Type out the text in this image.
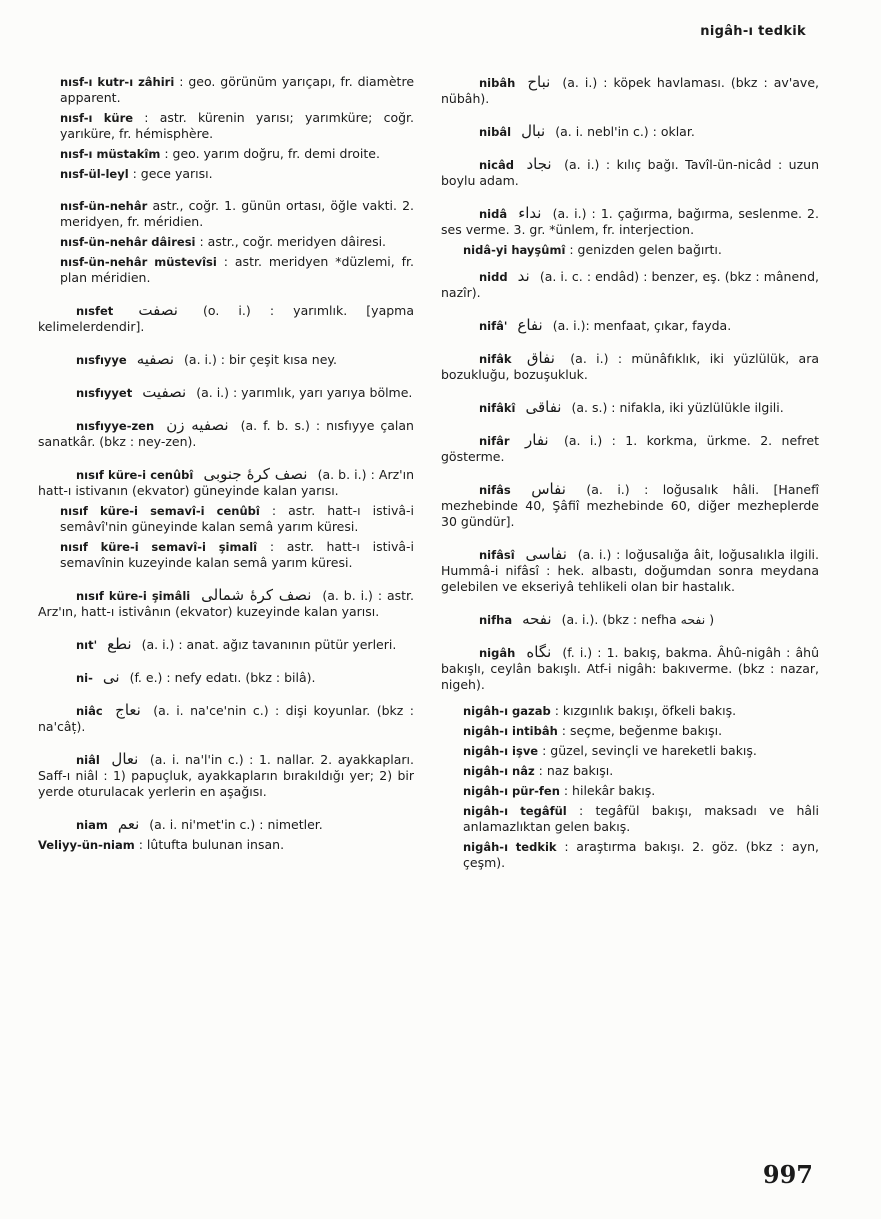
nigâh-ı tedkik

nısf-ı kutr-ı zâhiri : geo. görünüm yarıçapı, fr. diamètre apparent.

nısf-ı küre : astr. kürenin yarısı; yarımküre; coğr. yarıküre, fr. hémisphère.

nısf-ı müstakîm : geo. yarım doğru, fr. demi droite.

nısf-ül-leyl : gece yarısı.

nısf-ün-nehâr astr., coğr. 1. günün ortası, öğle vakti. 2. meridyen, fr. méridien.

nısf-ün-nehâr dâiresi : astr., coğr. meridyen dâiresi.

nısf-ün-nehâr müstevîsi : astr. meridyen *düzlemi, fr. plan méridien.

nısfet نصفت (o. i.) : yarımlık. [yapma kelimelerdendir].

nısfıyye نصفيه (a. i.) : bir çeşit kısa ney.

nısfıyyet نصفيت (a. i.) : yarımlık, yarı yarıya bölme.

nısfıyye-zen نصفيه زن (a. f. b. s.) : nısfıyye çalan sanatkâr. (bkz : ney-zen).

nısıf küre-i cenûbî نصف كرهٔ جنوبى (a. b. i.) : Arz'ın hatt-ı istivanın (ekvator) güneyinde kalan yarısı.

nısıf küre-i semavî-i cenûbî : astr. hatt-ı istivâ-i semâvî'nin güneyinde kalan semâ yarım küresi.

nısıf küre-i semavî-i şimalî : astr. hatt-ı istivâ-i semavînin kuzeyinde kalan semâ yarım küresi.

nısıf küre-i şimâli نصف كرهٔ شمالى (a. b. i.) : astr. Arz'ın, hatt-ı istivânın (ekvator) kuzeyinde kalan yarısı.

nıt' نطع (a. i.) : anat. ağız tavanının pütür yerleri.

ni- نى (f. e.) : nefy edatı. (bkz : bilâ).

niâc نعاج (a. i. na'ce'nin c.) : dişi koyunlar. (bkz : na'câț).

niâl نعال (a. i. na'l'in c.) : 1. nallar. 2. ayakkapları. Saff-ı niâl : 1) papuçluk, ayakkapların bırakıldığı yer; 2) bir yerde oturulacak yerlerin en aşağısı.

niam نعم (a. i. ni'met'in c.) : nimetler.

Veliyy-ün-niam : lûtufta bulunan insan.

nibâh نباح (a. i.) : köpek havlaması. (bkz : av'ave, nübâh).

nibâl نبال (a. i. nebl'in c.) : oklar.

nicâd نجاد (a. i.) : kılıç bağı. Tavîl-ün-nicâd : uzun boylu adam.

nidâ نداء (a. i.) : 1. çağırma, bağırma, seslenme. 2. ses verme. 3. gr. *ünlem, fr. interjection.

nidâ-yi hayşûmî : genizden gelen bağırtı.

nidd ند (a. i. c. : endâd) : benzer, eş. (bkz : mânend, nazîr).

nifâ' نفاع (a. i.): menfaat, çıkar, fayda.

nifâk نفاق (a. i.) : münâfıklık, iki yüzlülük, ara bozukluğu, bozuşukluk.

nifâkî نفاقى (a. s.) : nifakla, iki yüzlülükle ilgili.

nifâr نفار (a. i.) : 1. korkma, ürkme. 2. nefret gösterme.

nifâs نفاس (a. i.) : loğusalık hâli. [Hanefî mezhebinde 40, Şâfiî mezhebinde 60, diğer mezheplerde 30 gündür].

nifâsî نفاسى (a. i.) : loğusalığa âit, loğusalıkla ilgili. Hummâ-i nifâsî : hek. albastı, doğumdan sonra meydana gelebilen ve ekseriyâ tehlikeli olan bir hastalık.

nifha نفحه (a. i.). (bkz : nefha نفحه )

nigâh نگاه (f. i.) : 1. bakış, bakma. Âhû-nigâh : âhû bakışlı, ceylân bakışlı. Atf-i nigâh: bakıverme. (bkz : nazar, nigeh).

nigâh-ı gazab : kızgınlık bakışı, öfkeli bakış.

nigâh-ı intibâh : seçme, beğenme bakışı.

nigâh-ı işve : güzel, sevinçli ve hareketli bakış.

nigâh-ı nâz : naz bakışı.

nigâh-ı pür-fen : hilekâr bakış.

nigâh-ı tegâfül : tegâfül bakışı, maksadı ve hâli anlamazlıktan gelen bakış.

nigâh-ı tedkik : araştırma bakışı. 2. göz. (bkz : ayn, çeşm).

997
